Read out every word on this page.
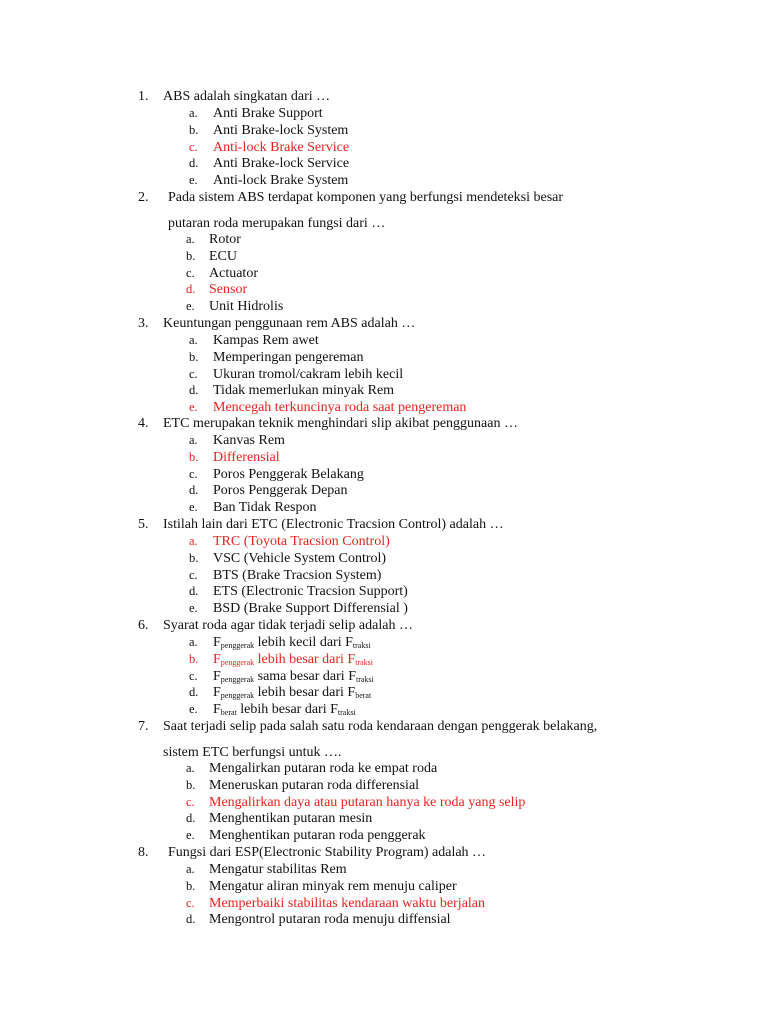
1. ABS adalah singkatan dari …
a. Anti Brake Support
b. Anti Brake-lock System
c. Anti-lock Brake Service
d. Anti Brake-lock Service
e. Anti-lock Brake System
2. Pada sistem ABS terdapat komponen yang berfungsi mendeteksi besar
putaran roda merupakan fungsi dari …
a. Rotor
b. ECU
c. Actuator
d. Sensor
e. Unit Hidrolis
3. Keuntungan penggunaan rem ABS adalah …
a. Kampas Rem awet
b. Memperingan pengereman
c. Ukuran tromol/cakram lebih kecil
d. Tidak memerlukan minyak Rem
e. Mencegah terkuncinya roda saat pengereman
4. ETC merupakan teknik menghindari slip akibat penggunaan …
a. Kanvas Rem
b. Differensial
c. Poros Penggerak Belakang
d. Poros Penggerak Depan
e. Ban Tidak Respon
5. Istilah lain dari ETC (Electronic Tracsion Control) adalah …
a. TRC (Toyota Tracsion Control)
b. VSC (Vehicle System Control)
c. BTS (Brake Tracsion System)
d. ETS (Electronic Tracsion Support)
e. BSD (Brake Support Differensial )
6. Syarat roda agar tidak terjadi selip adalah …
a. $F_{penggerak}$ lebih kecil dari $F_{traksi}$
b. $F_{penggerak}$ lebih besar dari $F_{traksi}$
c. $F_{penggerak}$ sama besar dari $F_{traksi}$
d. $F_{penggerak}$ lebih besar dari $F_{berat}$
e. $F_{berat}$ lebih besar dari $F_{traksi}$
7. Saat terjadi selip pada salah satu roda kendaraan dengan penggerak belakang,
sistem ETC berfungsi untuk ….
a. Mengalirkan putaran roda ke empat roda
b. Meneruskan putaran roda differensial
c. Mengalirkan daya atau putaran hanya ke roda yang selip
d. Menghentikan putaran mesin
e. Menghentikan putaran roda penggerak
8. Fungsi dari ESP(Electronic Stability Program) adalah …
a. Mengatur stabilitas Rem
b. Mengatur aliran minyak rem menuju caliper
c. Memperbaiki stabilitas kendaraan waktu berjalan
d. Mengontrol putaran roda menuju diffensial
